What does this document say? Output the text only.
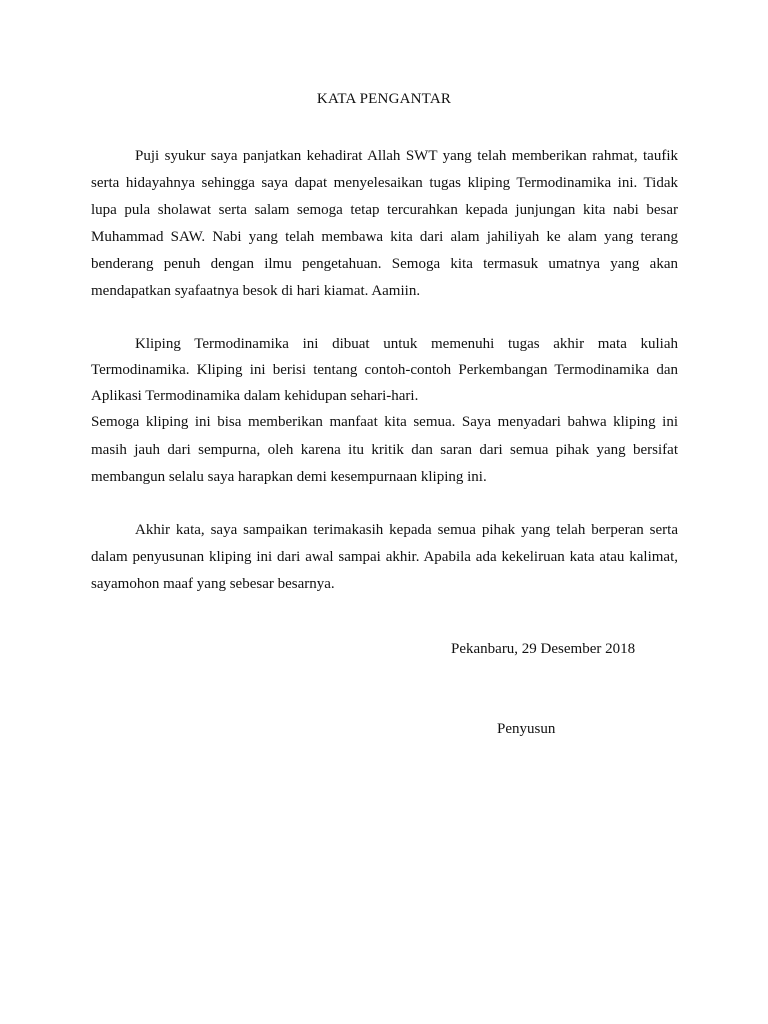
KATA PENGANTAR
Puji syukur saya panjatkan kehadirat Allah SWT yang telah memberikan rahmat, taufik
serta hidayahnya sehingga saya dapat menyelesaikan tugas kliping Termodinamika ini. Tidak
lupa pula sholawat serta salam semoga tetap tercurahkan kepada junjungan kita nabi besar
Muhammad SAW. Nabi yang telah membawa kita dari alam jahiliyah ke alam yang terang
benderang penuh dengan ilmu pengetahuan. Semoga kita termasuk umatnya yang akan
mendapatkan syafaatnya besok di hari kiamat. Aamiin.
Kliping Termodinamika ini dibuat untuk memenuhi tugas akhir mata kuliah
Termodinamika. Kliping ini berisi tentang contoh-contoh Perkembangan Termodinamika dan
Aplikasi Termodinamika dalam kehidupan sehari-hari.
Semoga kliping ini bisa memberikan manfaat kita semua. Saya menyadari bahwa kliping ini
masih jauh dari sempurna, oleh karena itu kritik dan saran dari semua pihak yang bersifat
membangun selalu saya harapkan demi kesempurnaan kliping ini.
Akhir kata, saya sampaikan terimakasih kepada semua pihak yang telah berperan serta
dalam penyusunan kliping ini dari awal sampai akhir. Apabila ada kekeliruan kata atau kalimat,
sayamohon maaf yang sebesar besarnya.
Pekanbaru, 29 Desember 2018
Penyusun
